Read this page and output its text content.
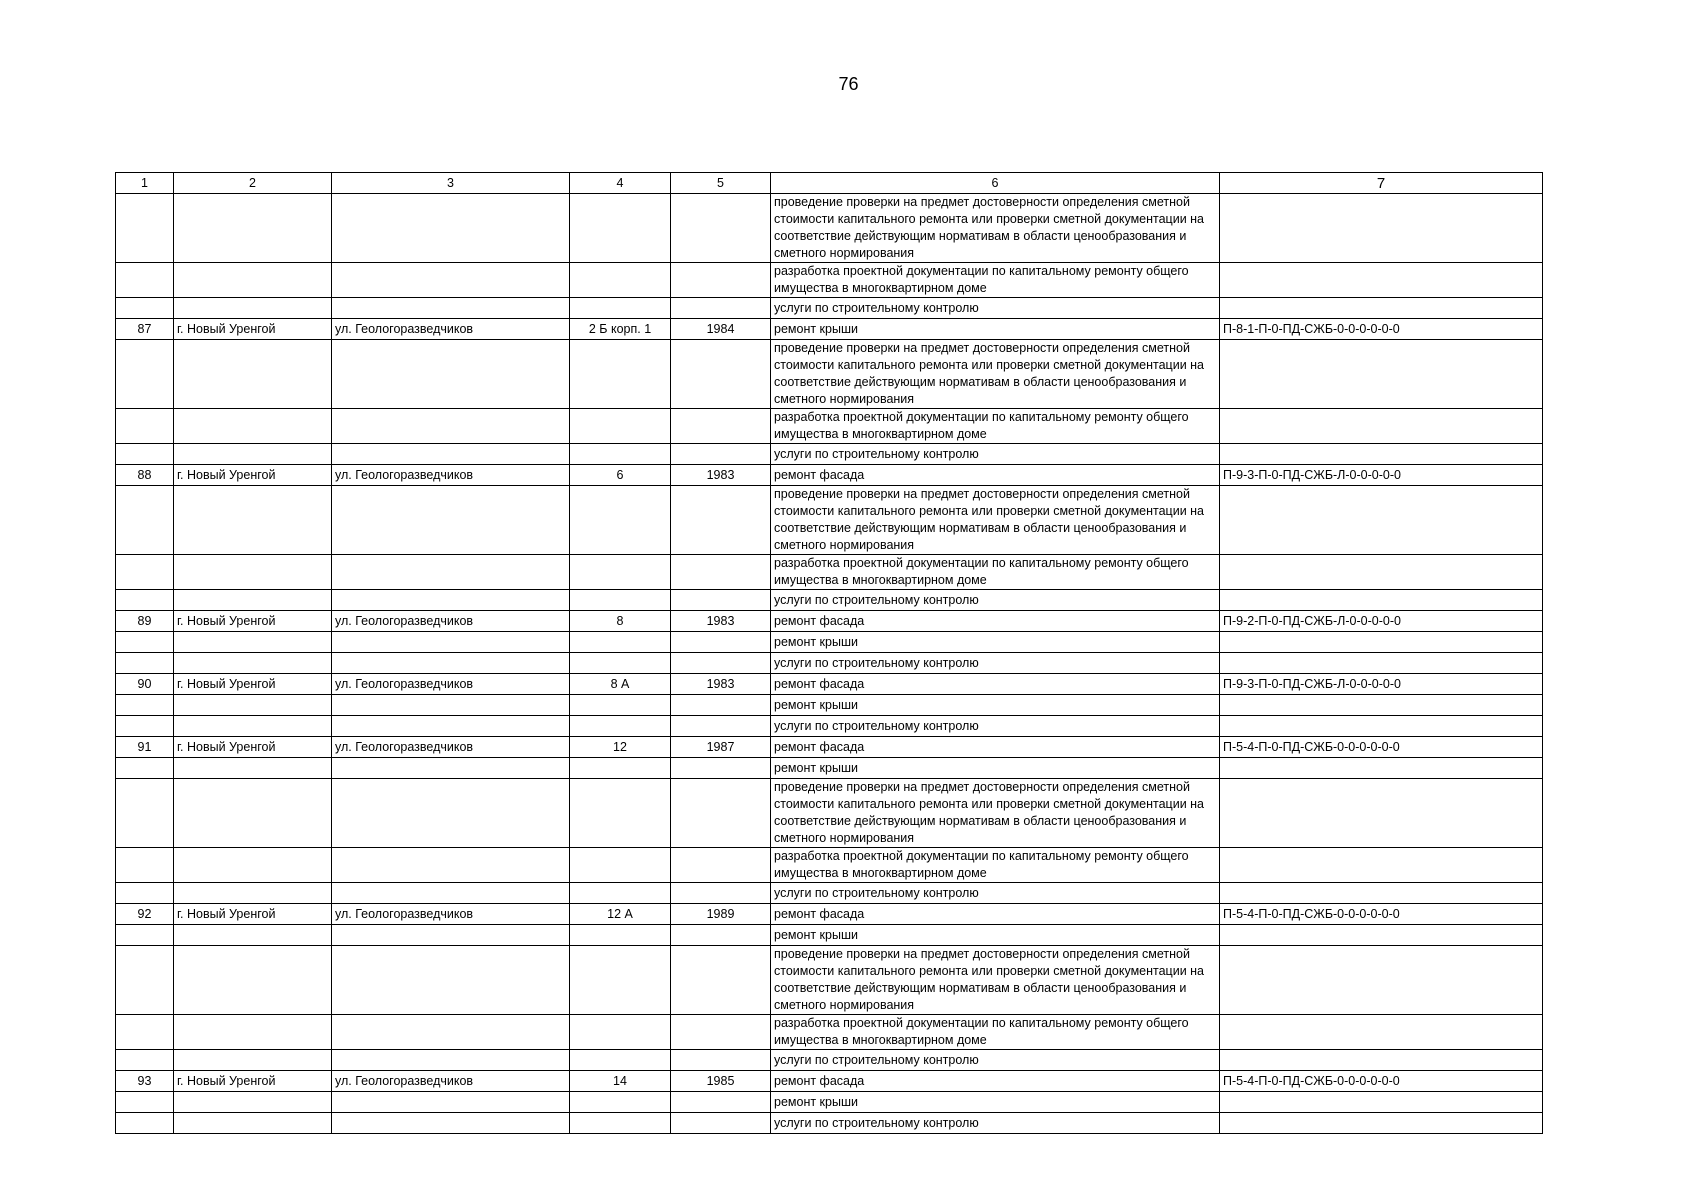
76
1	2	3	4	5	6	7
					проведение проверки на предмет достоверности определения сметной стоимости капитального ремонта или проверки сметной документации на соответствие действующим нормативам в области ценообразования и сметного нормирования	
					разработка проектной документации по капитальному ремонту общего имущества в многоквартирном доме	
					услуги по строительному контролю	
87	г. Новый Уренгой	ул. Геологоразведчиков	2 Б корп. 1	1984	ремонт крыши	П-8-1-П-0-ПД-СЖБ-0-0-0-0-0-0
					проведение проверки на предмет достоверности определения сметной стоимости капитального ремонта или проверки сметной документации на соответствие действующим нормативам в области ценообразования и сметного нормирования	
					разработка проектной документации по капитальному ремонту общего имущества в многоквартирном доме	
					услуги по строительному контролю	
88	г. Новый Уренгой	ул. Геологоразведчиков	6	1983	ремонт фасада	П-9-3-П-0-ПД-СЖБ-Л-0-0-0-0-0
					проведение проверки на предмет достоверности определения сметной стоимости капитального ремонта или проверки сметной документации на соответствие действующим нормативам в области ценообразования и сметного нормирования	
					разработка проектной документации по капитальному ремонту общего имущества в многоквартирном доме	
					услуги по строительному контролю	
89	г. Новый Уренгой	ул. Геологоразведчиков	8	1983	ремонт фасада	П-9-2-П-0-ПД-СЖБ-Л-0-0-0-0-0
					ремонт крыши	
					услуги по строительному контролю	
90	г. Новый Уренгой	ул. Геологоразведчиков	8 А	1983	ремонт фасада	П-9-3-П-0-ПД-СЖБ-Л-0-0-0-0-0
					ремонт крыши	
					услуги по строительному контролю	
91	г. Новый Уренгой	ул. Геологоразведчиков	12	1987	ремонт фасада	П-5-4-П-0-ПД-СЖБ-0-0-0-0-0-0
					ремонт крыши	
					проведение проверки на предмет достоверности определения сметной стоимости капитального ремонта или проверки сметной документации на соответствие действующим нормативам в области ценообразования и сметного нормирования	
					разработка проектной документации по капитальному ремонту общего имущества в многоквартирном доме	
					услуги по строительному контролю	
92	г. Новый Уренгой	ул. Геологоразведчиков	12 А	1989	ремонт фасада	П-5-4-П-0-ПД-СЖБ-0-0-0-0-0-0
					ремонт крыши	
					проведение проверки на предмет достоверности определения сметной стоимости капитального ремонта или проверки сметной документации на соответствие действующим нормативам в области ценообразования и сметного нормирования	
					разработка проектной документации по капитальному ремонту общего имущества в многоквартирном доме	
					услуги по строительному контролю	
93	г. Новый Уренгой	ул. Геологоразведчиков	14	1985	ремонт фасада	П-5-4-П-0-ПД-СЖБ-0-0-0-0-0-0
					ремонт крыши	
					услуги по строительному контролю	
